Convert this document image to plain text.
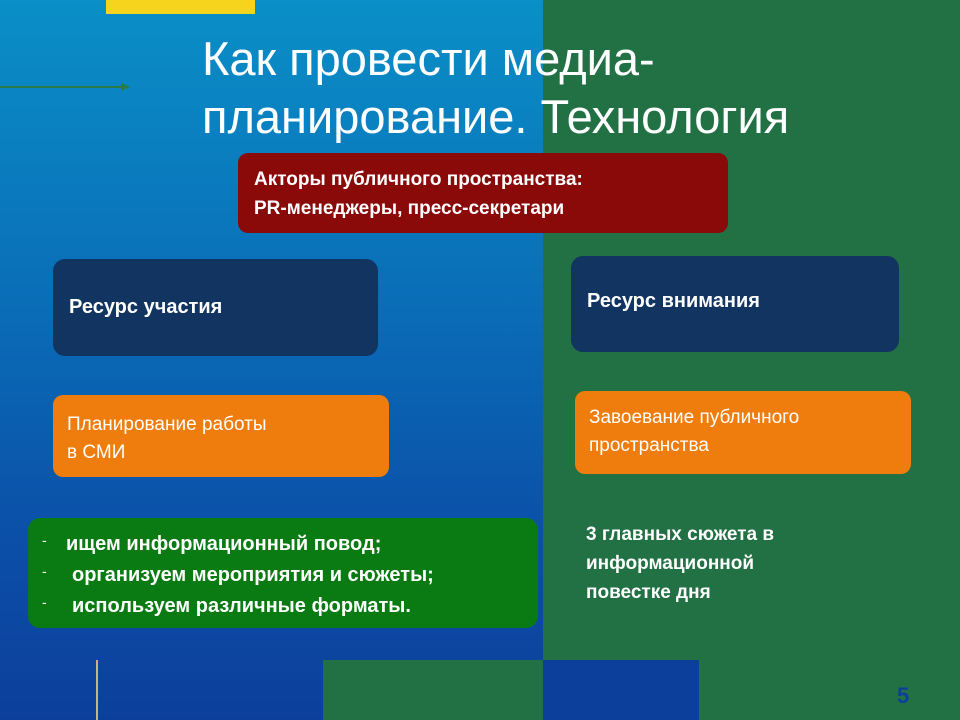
Как провести медиа-
планирование. Технология
Акторы публичного пространства:
PR-менеджеры, пресс-секретари
Ресурс участия	Ресурс внимания
Планирование работы
в СМИ
Завоевание публичного
пространства
- ищем информационный повод;
- организуем мероприятия и сюжеты;
- используем различные форматы.
3 главных сюжета в
информационной
повестке дня
5
